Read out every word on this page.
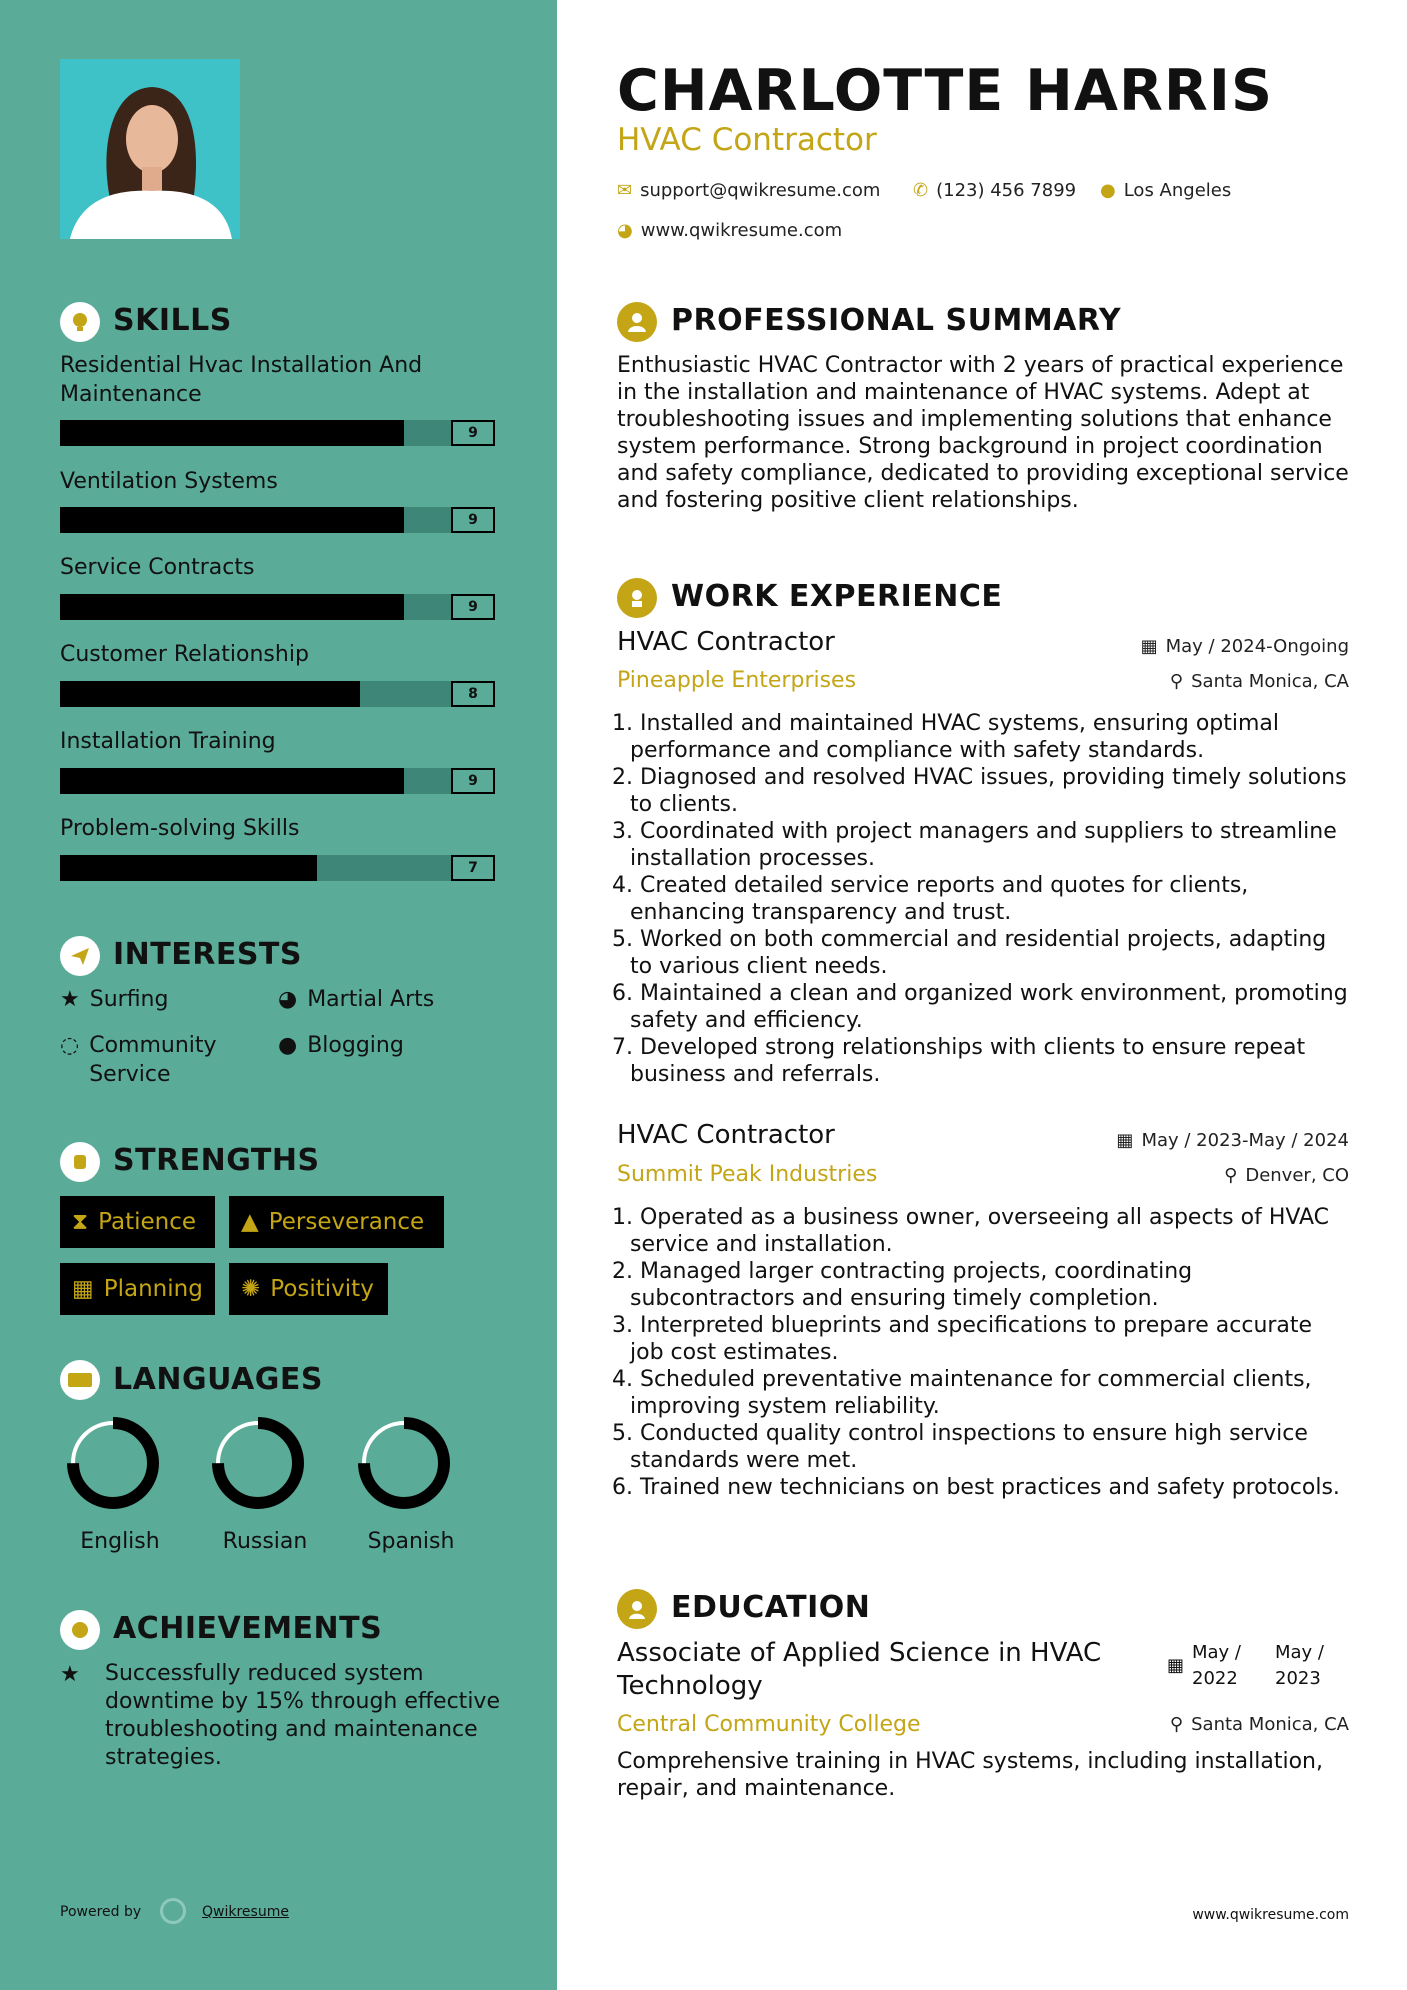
SKILLS
Residential Hvac Installation And Maintenance
9
Ventilation Systems
9
Service Contracts
9
Customer Relationship
8
Installation Training
9
Problem-solving Skills
7
INTERESTS
★ Surfing	◕ Martial Arts
◌ Community Service
● Blogging
STRENGTHS
⧗ Patience ▲ Perseverance
▦ Planning ✺ Positivity
LANGUAGES
English	Russian	Spanish
ACHIEVEMENTS
★ Successfully reduced system downtime by 15% through effective troubleshooting and maintenance strategies.
Powered by	Qwikresume
CHARLOTTE HARRIS
HVAC Contractor
✉ support@qwikresume.com ✆ (123) 456 7899 ● Los Angeles
◕ www.qwikresume.com
PROFESSIONAL SUMMARY
Enthusiastic HVAC Contractor with 2 years of practical experience in the installation and maintenance of HVAC systems. Adept at troubleshooting issues and implementing solutions that enhance system performance. Strong background in project coordination and safety compliance, dedicated to providing exceptional service and fostering positive client relationships.
WORK EXPERIENCE
HVAC Contractor
Pineapple Enterprises
▦ May / 2024-Ongoing
⚲ Santa Monica, CA
1. Installed and maintained HVAC systems, ensuring optimal performance and compliance with safety standards.
2. Diagnosed and resolved HVAC issues, providing timely solutions to clients.
3. Coordinated with project managers and suppliers to streamline installation processes.
4. Created detailed service reports and quotes for clients, enhancing transparency and trust.
5. Worked on both commercial and residential projects, adapting to various client needs.
6. Maintained a clean and organized work environment, promoting safety and efficiency.
7. Developed strong relationships with clients to ensure repeat business and referrals.
HVAC Contractor
Summit Peak Industries
▦ May / 2023-May / 2024
⚲ Denver, CO
1. Operated as a business owner, overseeing all aspects of HVAC service and installation.
2. Managed larger contracting projects, coordinating subcontractors and ensuring timely completion.
3. Interpreted blueprints and specifications to prepare accurate job cost estimates.
4. Scheduled preventative maintenance for commercial clients, improving system reliability.
5. Conducted quality control inspections to ensure high service standards were met.
6. Trained new technicians on best practices and safety protocols.
EDUCATION
Associate of Applied Science in HVAC Technology
▦
May / 2022
May / 2023
Central Community College	⚲ Santa Monica, CA
Comprehensive training in HVAC systems, including installation, repair, and maintenance.
www.qwikresume.com
